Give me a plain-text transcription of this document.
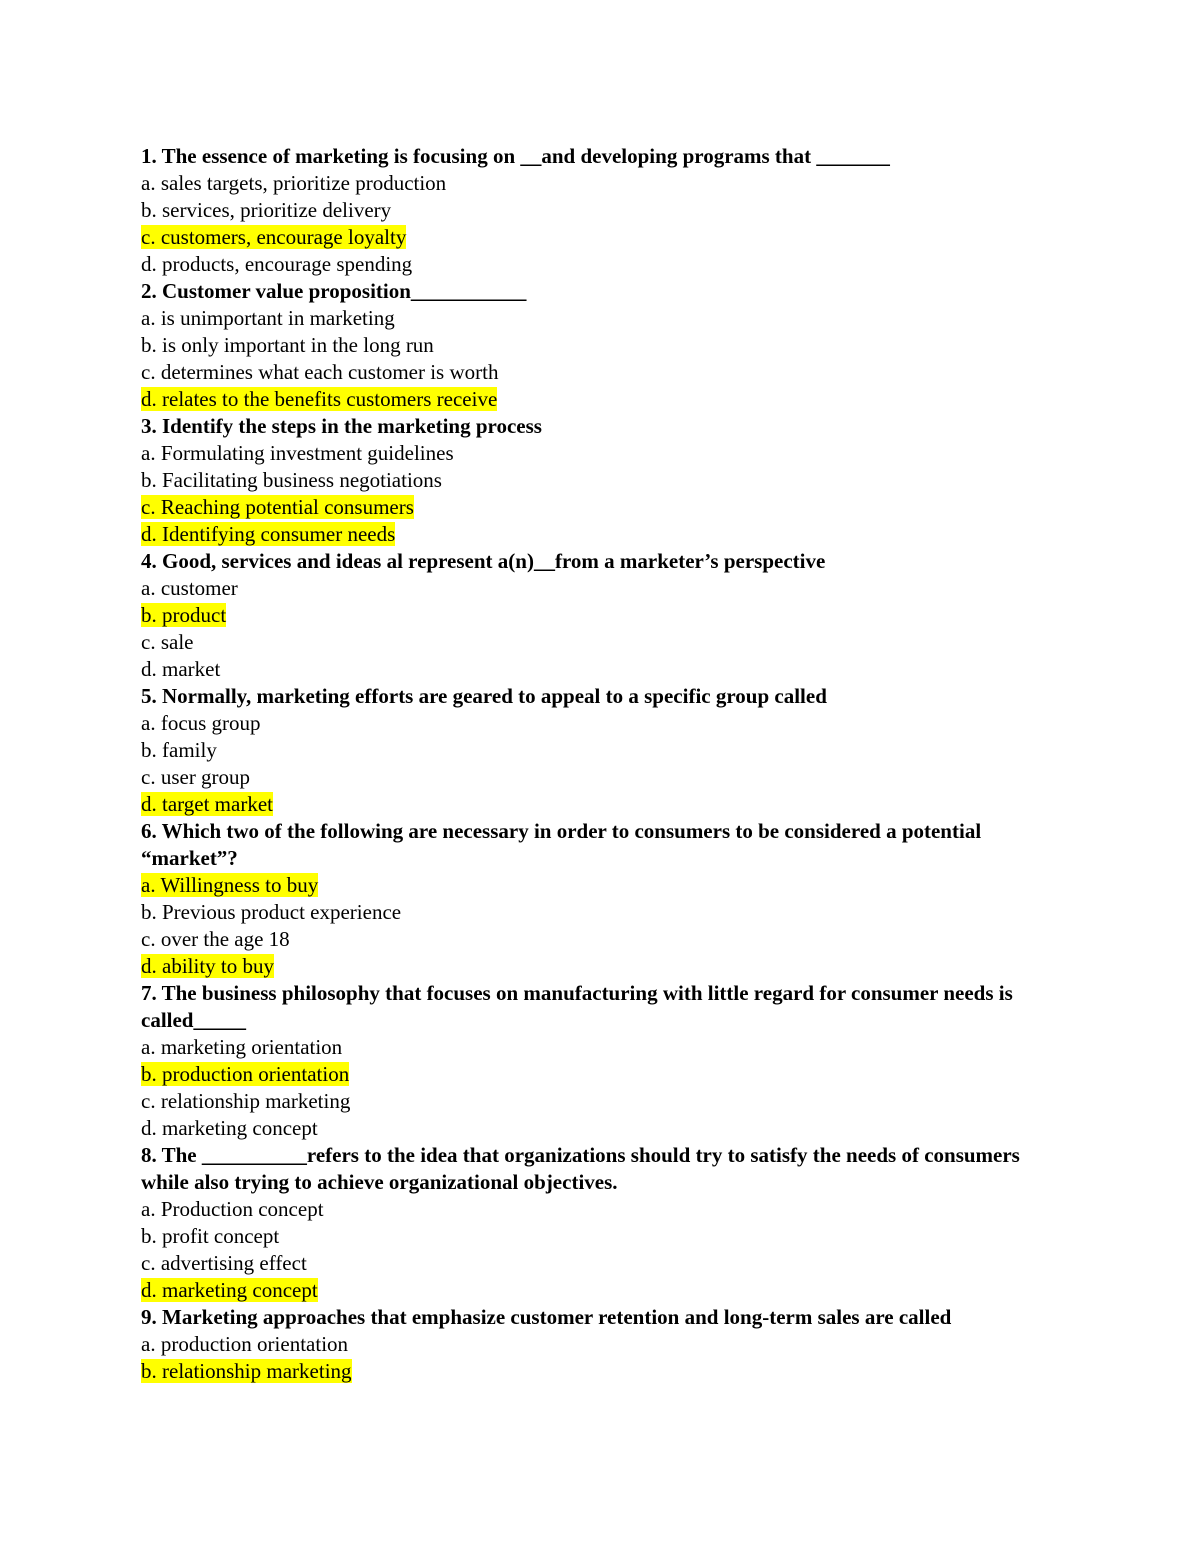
1. The essence of marketing is focusing on __and developing programs that _______

a. sales targets, prioritize production

b. services, prioritize delivery

c. customers, encourage loyalty

d. products, encourage spending

2. Customer value proposition___________

a. is unimportant in marketing

b. is only important in the long run

c. determines what each customer is worth

d. relates to the benefits customers receive

3. Identify the steps in the marketing process

a. Formulating investment guidelines

b. Facilitating business negotiations

c. Reaching potential consumers

d. Identifying consumer needs

4. Good, services and ideas al represent a(n)__from a marketer’s perspective

a. customer

b. product

c. sale

d. market

5. Normally, marketing efforts are geared to appeal to a specific group called

a. focus group

b. family

c. user group

d. target market

6. Which two of the following are necessary in order to consumers to be considered a potential “market”?

a. Willingness to buy

b. Previous product experience

c. over the age 18

d. ability to buy

7. The business philosophy that focuses on manufacturing with little regard for consumer needs is called_____

a. marketing orientation

b. production orientation

c. relationship marketing

d. marketing concept

8. The __________refers to the idea that organizations should try to satisfy the needs of consumers while also trying to achieve organizational objectives.

a. Production concept

b. profit concept

c. advertising effect

d. marketing concept

9. Marketing approaches that emphasize customer retention and long-term sales are called

a. production orientation

b. relationship marketing
